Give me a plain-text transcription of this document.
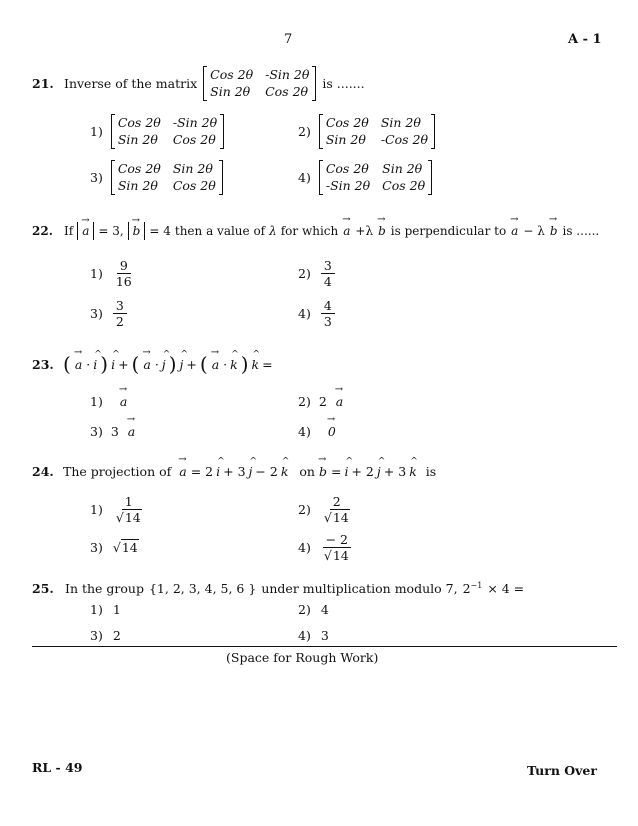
7	A - 1
21. Inverse of the matrix
Cos 2θ -Sin 2θ
Sin 2θ Cos 2θ
is .......
1)
Cos 2θ -Sin 2θ
Sin 2θ Cos 2θ
2)
Cos 2θ Sin 2θ
Sin 2θ -Cos 2θ
3)
Cos 2θ Sin 2θ
Sin 2θ Cos 2θ
4)
Cos 2θ Sin 2θ
-Sin 2θ Cos 2θ
22. If → a = 3, → b = 4 then a value of λ for which → a +λ → b is perpendicular to → a − λ → b is ......
$1) \frac{9}{16}$	$2) \frac{3}{4}$
$3) \frac{3}{2}$	$4) \frac{4}{3}$
23. ( → a · ^ i ) ^ i + ( → a · ^ j ) ^ j + ( → a · ^ k ) ^ k =
1) → a	2) 2 → a
3) 3 → a	4) → 0
24. The projection of → a = 2 ^ i + 3 ^ j − 2 ^ k on → b = ^ i + 2 ^ j + 3 ^ k is
$1) \frac{1}{√14}$	$2) \frac{2}{√14}$
3) √14	$4) \frac{- 2}{√14}$
25. In the group {1, 2, 3, 4, 5, 6 } under multiplication modulo 7, $2^{-1} \times 4$ =
1) 1	2) 4
3) 2	4) 3
(Space for Rough Work)
RL - 49	Turn Over
